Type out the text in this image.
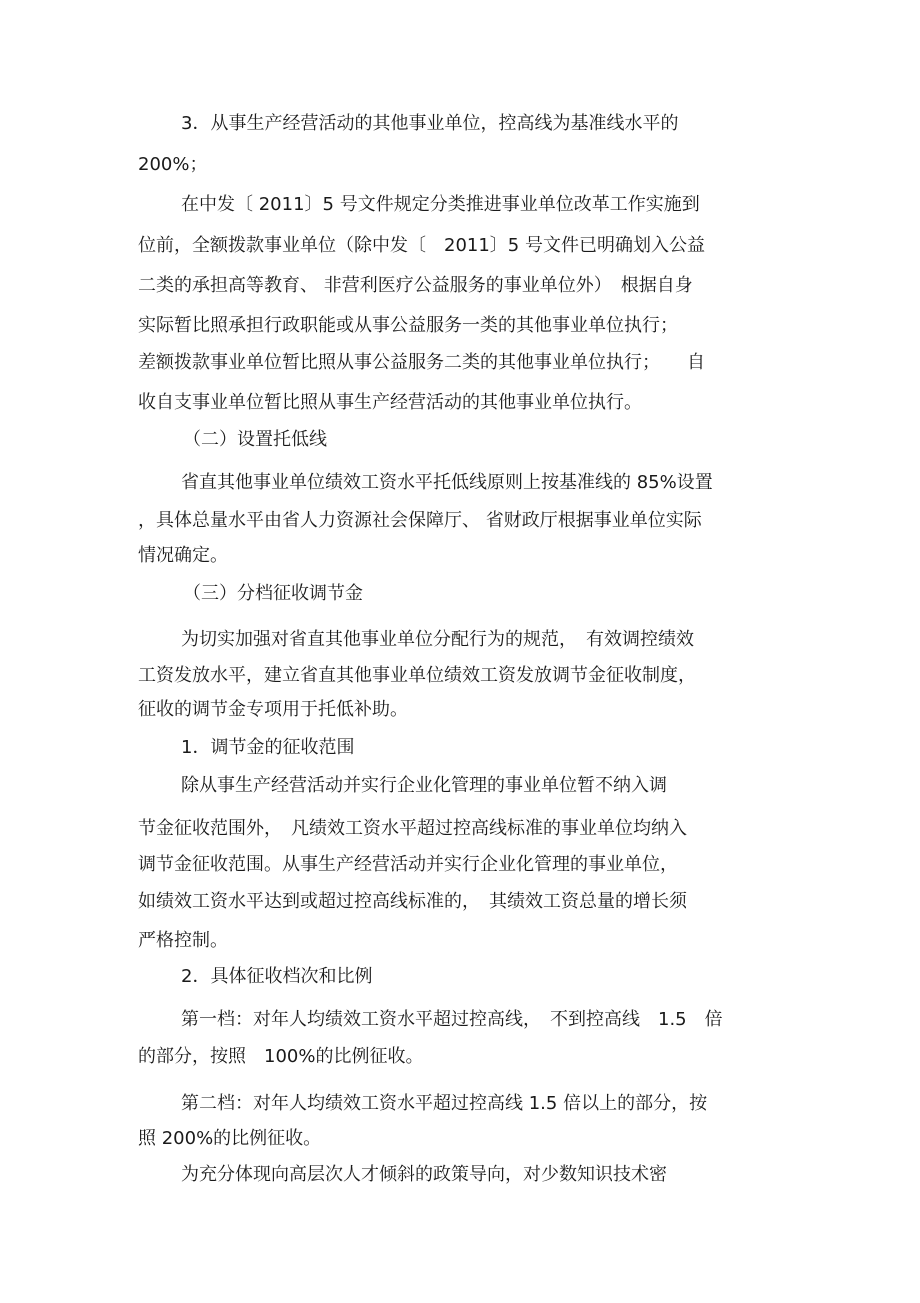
3．从事生产经营活动的其他事业单位，控高线为基准线水平的
200%；
在中发〔 2011〕5 号文件规定分类推进事业单位改革工作实施到
位前，全额拨款事业单位（除中发〔　2011〕5 号文件已明确划入公益
二类的承担高等教育、 非营利医疗公益服务的事业单位外）　根据自身
实际暂比照承担行政职能或从事公益服务一类的其他事业单位执行；
差额拨款事业单位暂比照从事公益服务二类的其他事业单位执行；　　自
收自支事业单位暂比照从事生产经营活动的其他事业单位执行。
（二）设置托低线
省直其他事业单位绩效工资水平托低线原则上按基准线的 85%设置
，具体总量水平由省人力资源社会保障厅、 省财政厅根据事业单位实际
情况确定。
（三）分档征收调节金
为切实加强对省直其他事业单位分配行为的规范，　有效调控绩效
工资发放水平，建立省直其他事业单位绩效工资发放调节金征收制度，
征收的调节金专项用于托低补助。
1．调节金的征收范围
除从事生产经营活动并实行企业化管理的事业单位暂不纳入调
节金征收范围外，　凡绩效工资水平超过控高线标准的事业单位均纳入
调节金征收范围。从事生产经营活动并实行企业化管理的事业单位，
如绩效工资水平达到或超过控高线标准的，　其绩效工资总量的增长须
严格控制。
2．具体征收档次和比例
第一档：对年人均绩效工资水平超过控高线，　不到控高线　1.5　倍
的部分，按照　100%的比例征收。
第二档：对年人均绩效工资水平超过控高线 1.5 倍以上的部分，按
照 200%的比例征收。
为充分体现向高层次人才倾斜的政策导向，对少数知识技术密
